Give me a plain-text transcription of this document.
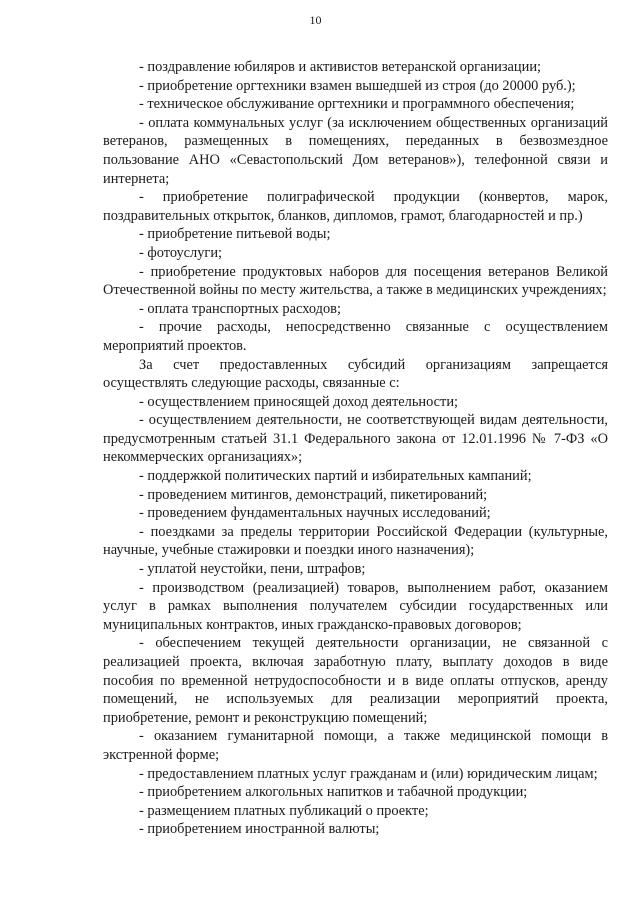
10

- поздравление юбиляров и активистов ветеранской организации;

- приобретение оргтехники взамен вышедшей из строя (до 20000 руб.);

- техническое обслуживание оргтехники и программного обеспечения;

- оплата коммунальных услуг (за исключением общественных организаций ветеранов, размещенных в помещениях, переданных в безвозмездное пользование АНО «Севастопольский Дом ветеранов»), телефонной связи и интернета;

- приобретение полиграфической продукции (конвертов, марок, поздравительных открыток, бланков, дипломов, грамот, благодарностей и пр.)

- приобретение питьевой воды;

- фотоуслуги;

- приобретение продуктовых наборов для посещения ветеранов Великой Отечественной войны по месту жительства, а также в медицинских учреждениях;

- оплата транспортных расходов;

- прочие расходы, непосредственно связанные с осуществлением мероприятий проектов.

За счет предоставленных субсидий организациям запрещается осуществлять следующие расходы, связанные с:

- осуществлением приносящей доход деятельности;

- осуществлением деятельности, не соответствующей видам деятельности, предусмотренным статьей 31.1 Федерального закона от 12.01.1996 № 7-ФЗ «О некоммерческих организациях»;

- поддержкой политических партий и избирательных кампаний;

- проведением митингов, демонстраций, пикетирований;

- проведением фундаментальных научных исследований;

- поездками за пределы территории Российской Федерации (культурные, научные, учебные стажировки и поездки иного назначения);

- уплатой неустойки, пени, штрафов;

- производством (реализацией) товаров, выполнением работ, оказанием услуг в рамках выполнения получателем субсидии государственных или муниципальных контрактов, иных гражданско-правовых договоров;

- обеспечением текущей деятельности организации, не связанной с реализацией проекта, включая заработную плату, выплату доходов в виде пособия по временной нетрудоспособности и в виде оплаты отпусков, аренду помещений, не используемых для реализации мероприятий проекта, приобретение, ремонт и реконструкцию помещений;

- оказанием гуманитарной помощи, а также медицинской помощи в экстренной форме;

- предоставлением платных услуг гражданам и (или) юридическим лицам;

- приобретением алкогольных напитков и табачной продукции;

- размещением платных публикаций о проекте;

- приобретением иностранной валюты;
